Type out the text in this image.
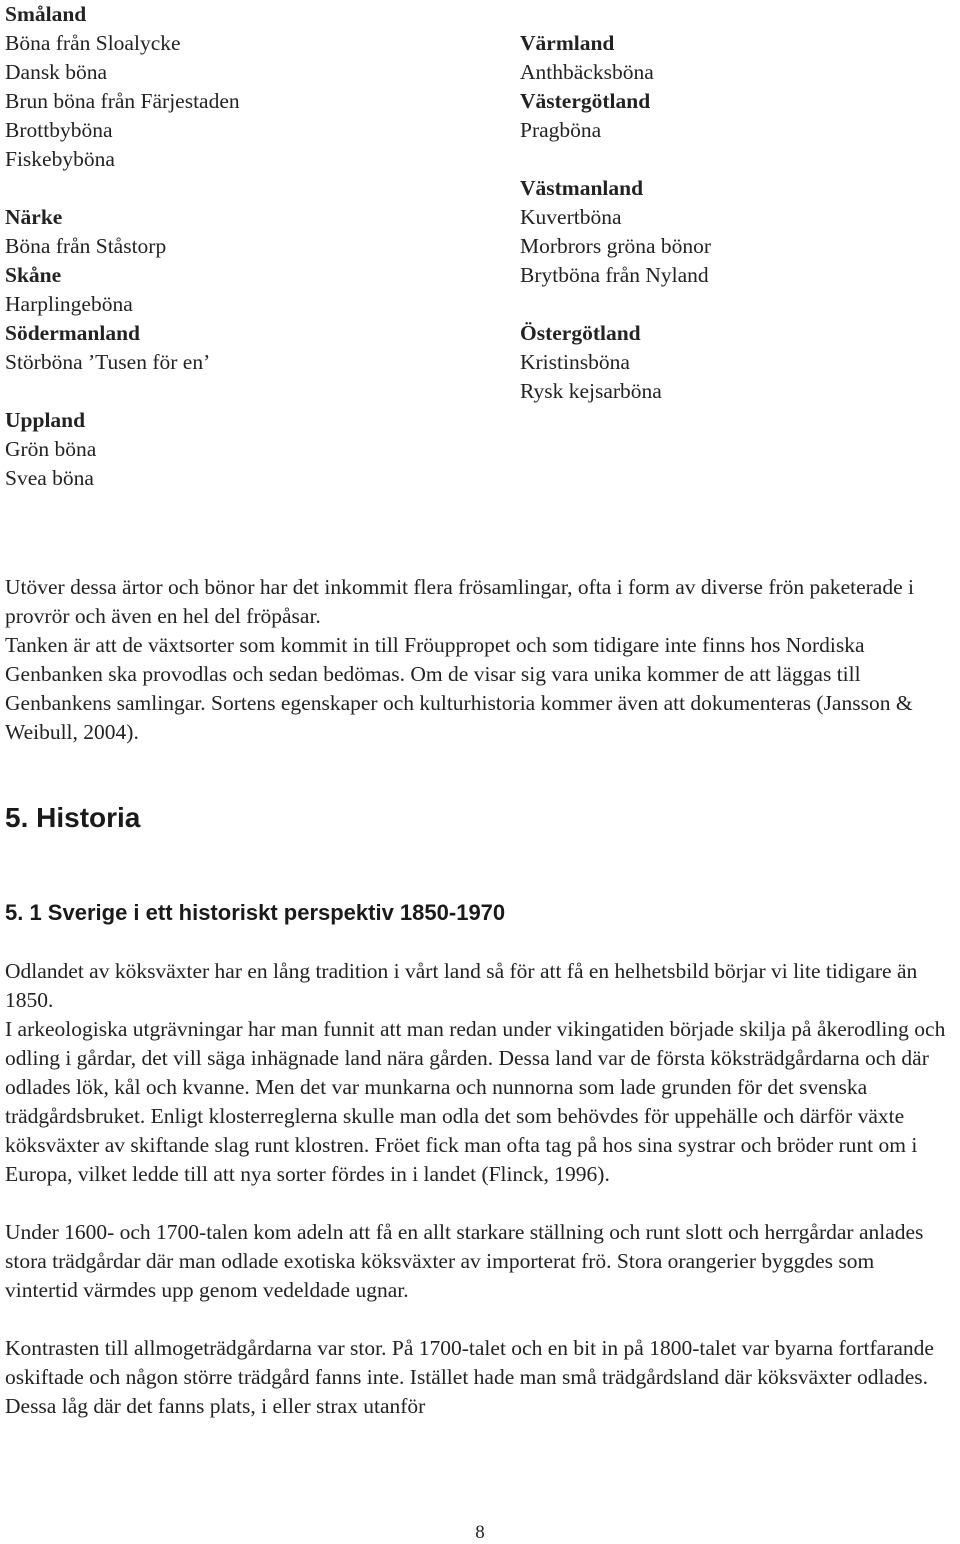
Småland
Böna från Sloalycke
Dansk böna
Brun böna från Färjestaden
Brottbyböna
Fiskebyböna
Närke
Böna från Ståstorp
Skåne
Harplingeböna
Södermanland
Störböna ’Tusen för en’
Uppland
Grön böna
Svea böna
Värmland
Anthbäcksböna
Västergötland
Pragböna
Västmanland
Kuvertböna
Morbrors gröna bönor
Brytböna från Nyland
Östergötland
Kristinsböna
Rysk kejsarböna

Utöver dessa ärtor och bönor har det inkommit flera frösamlingar, ofta i form av diverse frön paketerade i provrör och även en hel del fröpåsar.

Tanken är att de växtsorter som kommit in till Fröuppropet och som tidigare inte finns hos Nordiska Genbanken ska provodlas och sedan bedömas. Om de visar sig vara unika kommer de att läggas till Genbankens samlingar. Sortens egenskaper och kulturhistoria kommer även att dokumenteras (Jansson & Weibull, 2004).

5. Historia
5. 1 Sverige i ett historiskt perspektiv 1850-1970

Odlandet av köksväxter har en lång tradition i vårt land så för att få en helhetsbild börjar vi lite tidigare än 1850.

I arkeologiska utgrävningar har man funnit att man redan under vikingatiden började skilja på åkerodling och odling i gårdar, det vill säga inhägnade land nära gården. Dessa land var de första köksträdgårdarna och där odlades lök, kål och kvanne. Men det var munkarna och nunnorna som lade grunden för det svenska trädgårdsbruket. Enligt klosterreglerna skulle man odla det som behövdes för uppehälle och därför växte köksväxter av skiftande slag runt klostren. Fröet fick man ofta tag på hos sina systrar och bröder runt om i Europa, vilket ledde till att nya sorter fördes in i landet (Flinck, 1996).

Under 1600- och 1700-talen kom adeln att få en allt starkare ställning och runt slott och herrgårdar anlades stora trädgårdar där man odlade exotiska köksväxter av importerat frö. Stora orangerier byggdes som vintertid värmdes upp genom vedeldade ugnar.

Kontrasten till allmogeträdgårdarna var stor. På 1700-talet och en bit in på 1800-talet var byarna fortfarande oskiftade och någon större trädgård fanns inte. Istället hade man små trädgårdsland där köksväxter odlades. Dessa låg där det fanns plats, i eller strax utanför

8
